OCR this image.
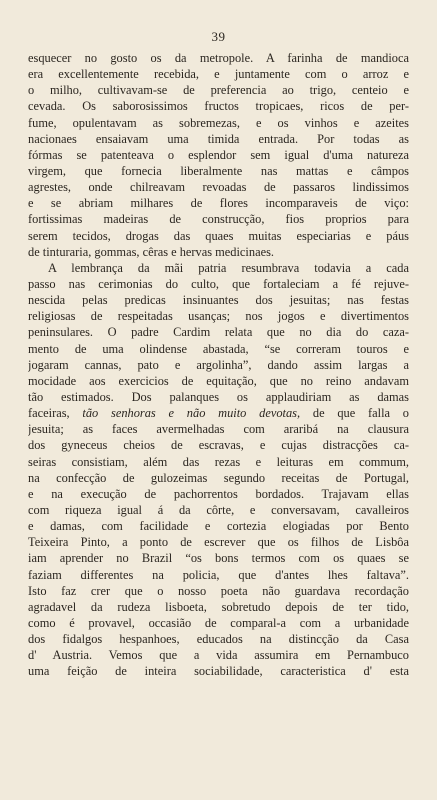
39

esquecer no gosto os da metropole. A farinha de mandioca
era excellentemente recebida, e juntamente com o arroz e
o milho, cultivavam-se de preferencia ao trigo, centeio e
cevada. Os saborosissimos fructos tropicaes, ricos de per-
fume, opulentavam as sobremezas, e os vinhos e azeites
nacionaes ensaiavam uma timida entrada. Por todas as
fórmas se patenteava o esplendor sem igual d'uma natureza
virgem, que fornecia liberalmente nas mattas e câmpos
agrestes, onde chilreavam revoadas de passaros lindissimos
e se abriam milhares de flores incomparaveis de viço:
fortissimas madeiras de construcção, fios proprios para
serem tecidos, drogas das quaes muitas especiarias e páus
de tinturaria, gommas, cêras e hervas medicinaes.

A lembrança da mãi patria resumbrava todavia a cada
passo nas cerimonias do culto, que fortaleciam a fé rejuve-
nescida pelas predicas insinuantes dos jesuitas; nas festas
religiosas de respeitadas usanças; nos jogos e divertimentos
peninsulares. O padre Cardim relata que no dia do caza-
mento de uma olindense abastada, “se correram touros e
jogaram cannas, pato e argolinha”, dando assim largas a
mocidade aos exercicios de equitação, que no reino andavam
tão estimados. Dos palanques os applaudiriam as damas
faceiras, tão senhoras e não muito devotas, de que falla o
jesuita; as faces avermelhadas com araribá na clausura
dos gyneceus cheios de escravas, e cujas distracções ca-
seiras consistiam, além das rezas e leituras em commum,
na confecção de gulozeimas segundo receitas de Portugal,
e na execução de pachorrentos bordados. Trajavam ellas
com riqueza igual á da côrte, e conversavam, cavalleiros
e damas, com facilidade e cortezia elogiadas por Bento
Teixeira Pinto, a ponto de escrever que os filhos de Lisbôa
iam aprender no Brazil “os bons termos com os quaes se
faziam differentes na policia, que d'antes lhes faltava”.
Isto faz crer que o nosso poeta não guardava recordação
agradavel da rudeza lisboeta, sobretudo depois de ter tido,
como é provavel, occasião de comparal-a com a urbanidade
dos fidalgos hespanhoes, educados na distincção da Casa
d' Austria. Vemos que a vida assumira em Pernambuco
uma feição de inteira sociabilidade, caracteristica d' esta
